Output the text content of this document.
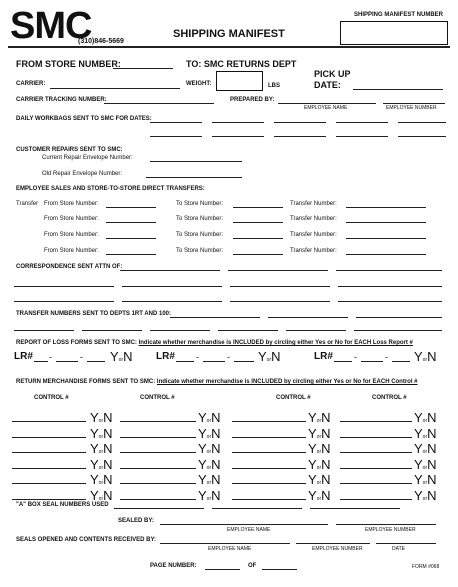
SMC
(310)846-5669
SHIPPING MANIFEST
SHIPPING MANIFEST NUMBER
FROM STORE NUMBER:	TO: SMC RETURNS DEPT
PICK UP
DATE:
CARRIER:	WEIGHT:	LBS
CARRIER TRACKING NUMBER:	PREPARED BY:
EMPLOYEE NAME	EMPLOYEE NUMBER
DAILY WORKBAGS SENT TO SMC FOR DATES:
CUSTOMER REPAIRS SENT TO SMC:
Current Repair Envelope Number:
Old Repair Envelope Number:
EMPLOYEE SALES AND STORE-TO-STORE DIRECT TRANSFERS:
Transfer From Store Number:	To Store Number:	Transfer Number:
From Store Number:	To Store Number:	Transfer Number:
From Store Number:	To Store Number:	Transfer Number:
From Store Number:	To Store Number:	Transfer Number:
CORRESPONDENCE SENT ATTN OF:
TRANSFER NUMBERS SENT TO DEPTS 1RT AND 100:
REPORT OF LOSS FORMS SENT TO SMC: Indicate whether merchandise is INCLUDED by circling either Yes or No for EACH Loss Report #
LR# -	- YorN LR# -	- YorN	LR# -	- YorN
RETURN MERCHANDISE FORMS SENT TO SMC: Indicate whether merchandise is INCLUDED by circling either Yes or No for EACH Control #
CONTROL #	CONTROL #	CONTROL #	CONTROL #
YorN	YorN	YorN	YorN
YorN	YorN	YorN	YorN
YorN	YorN	YorN	YorN
YorN	YorN	YorN	YorN
YorN	YorN	YorN	YorN
YorN	YorN	YorN	YorN
"A" BOX SEAL NUMBERS USED
SEALED BY:
EMPLOYEE NAME	EMPLOYEE NUMBER
SEALS OPENED AND CONTENTS RECEIVED BY:
EMPLOYEE NAME	EMPLOYEE NUMBER	DATE
PAGE NUMBER:	OF	FORM #068
